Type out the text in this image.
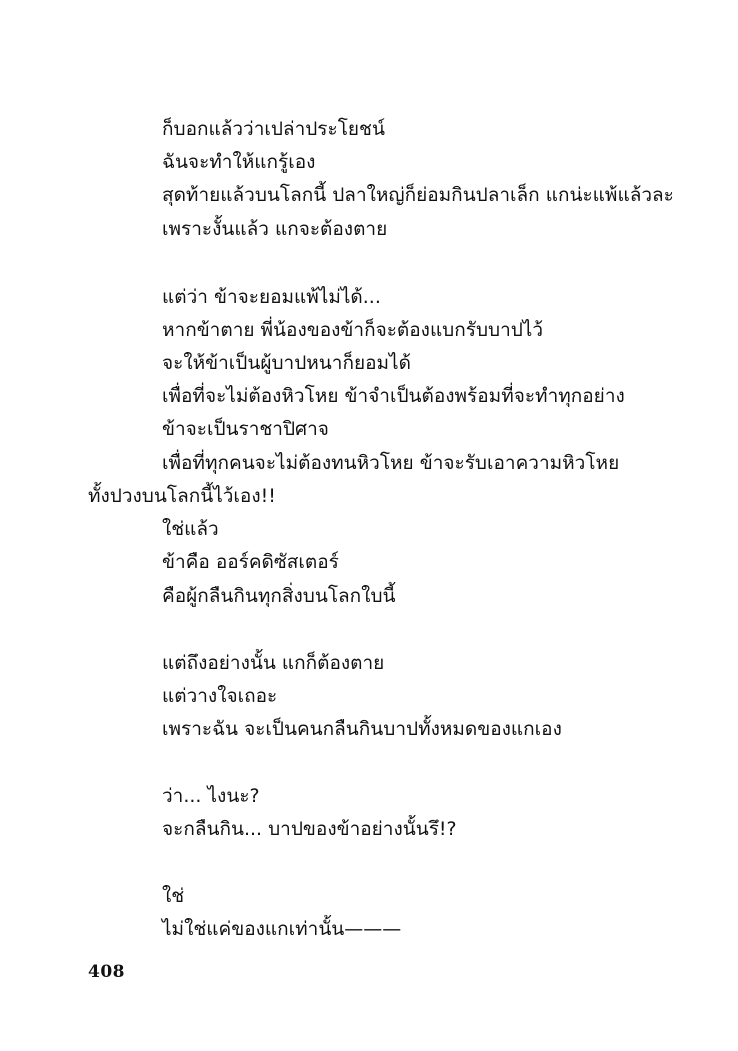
ก็บอกแล้วว่าเปล่าประโยชน์
ฉันจะทำให้แกรู้เอง
สุดท้ายแล้วบนโลกนี้ ปลาใหญ่ก็ย่อมกินปลาเล็ก แกน่ะแพ้แล้วละ
เพราะงั้นแล้ว แกจะต้องตาย
แต่ว่า ข้าจะยอมแพ้ไม่ได้...
หากข้าตาย พี่น้องของข้าก็จะต้องแบกรับบาปไว้
จะให้ข้าเป็นผู้บาปหนาก็ยอมได้
เพื่อที่จะไม่ต้องหิวโหย ข้าจำเป็นต้องพร้อมที่จะทำทุกอย่าง
ข้าจะเป็นราชาปิศาจ
เพื่อที่ทุกคนจะไม่ต้องทนหิวโหย ข้าจะรับเอาความหิวโหย
ทั้งปวงบนโลกนี้ไว้เอง!!
ใช่แล้ว
ข้าคือ ออร์คดิซัสเตอร์
คือผู้กลืนกินทุกสิ่งบนโลกใบนี้
แต่ถึงอย่างนั้น แกก็ต้องตาย
แต่วางใจเถอะ
เพราะฉัน จะเป็นคนกลืนกินบาปทั้งหมดของแกเอง
ว่า... ไงนะ?
จะกลืนกิน... บาปของข้าอย่างนั้นรึ!?
ใช่
ไม่ใช่แค่ของแกเท่านั้น———
408
